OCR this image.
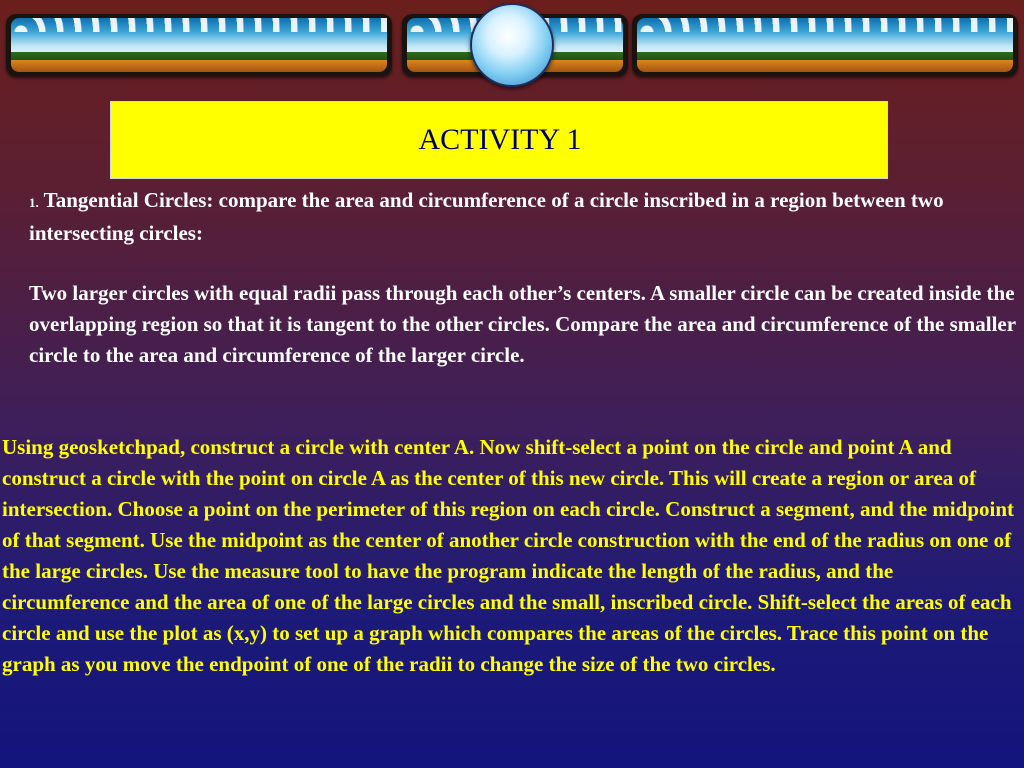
ACTIVITY 1
1. Tangential Circles: compare the area and circumference of a circle inscribed in a region between two intersecting circles:
Two larger circles with equal radii pass through each other’s centers. A smaller circle can be created inside the overlapping region so that it is tangent to the other circles. Compare the area and circumference of the smaller circle to the area and circumference of the larger circle.
Using geosketchpad, construct a circle with center A. Now shift-select a point on the circle and point A and construct a circle with the point on circle A as the center of this new circle. This will create a region or area of intersection. Choose a point on the perimeter of this region on each circle. Construct a segment, and the midpoint of that segment. Use the midpoint as the center of another circle construction with the end of the radius on one of the large circles. Use the measure tool to have the program indicate the length of the radius, and the circumference and the area of one of the large circles and the small, inscribed circle. Shift-select the areas of each circle and use the plot as (x,y) to set up a graph which compares the areas of the circles. Trace this point on the graph as you move the endpoint of one of the radii to change the size of the two circles.
